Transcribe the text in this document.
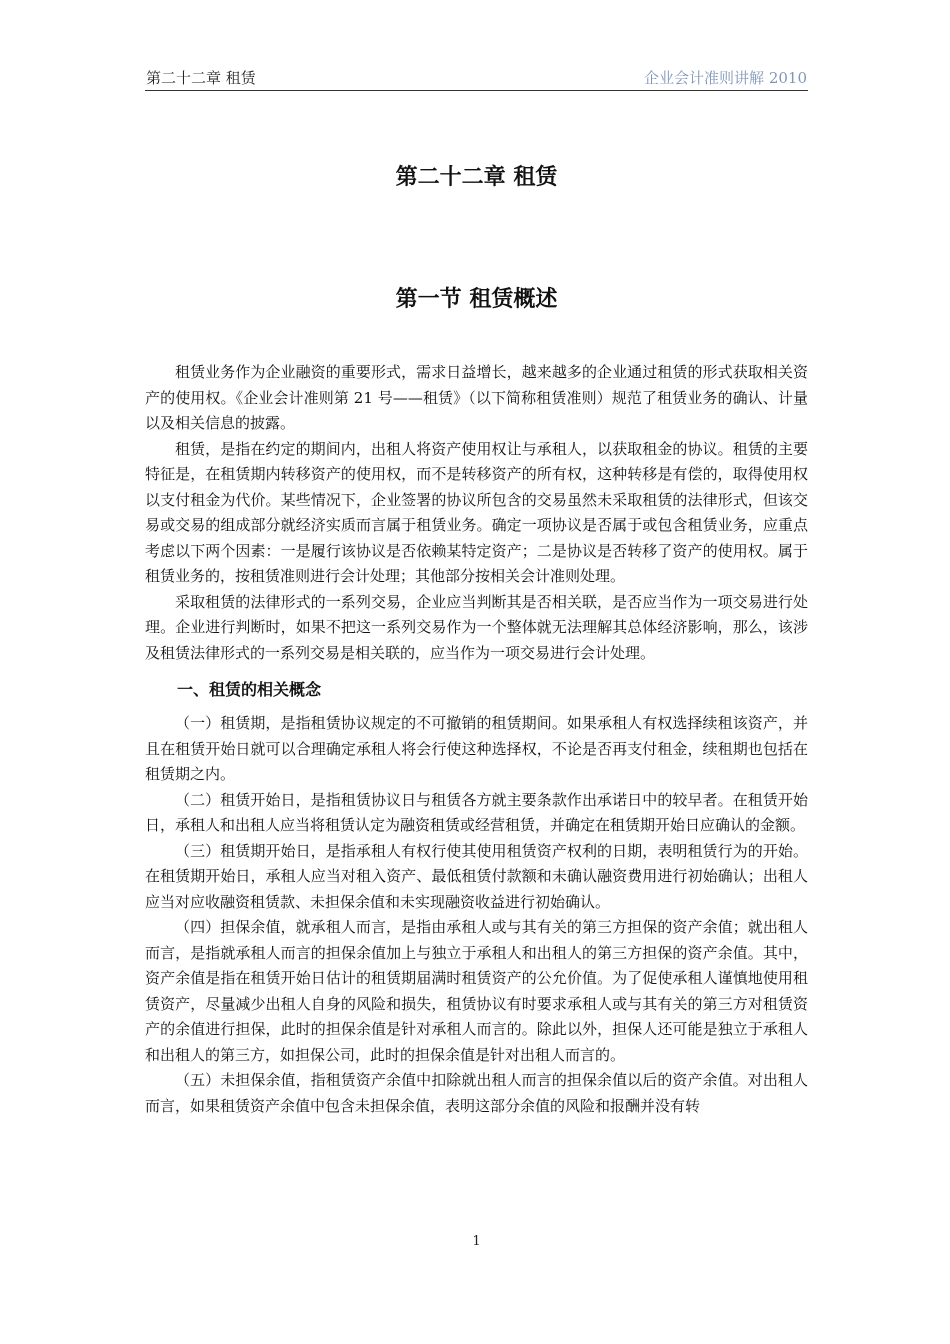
第二十二章 租赁	企业会计准则讲解 2010
第二十二章 租赁
第一节 租赁概述

租赁业务作为企业融资的重要形式，需求日益增长，越来越多的企业通过租赁的形式获取相关资产的使用权。《企业会计准则第 21 号——租赁》（以下简称租赁准则）规范了租赁业务的确认、计量以及相关信息的披露。

租赁，是指在约定的期间内，出租人将资产使用权让与承租人，以获取租金的协议。租赁的主要特征是，在租赁期内转移资产的使用权，而不是转移资产的所有权，这种转移是有偿的，取得使用权以支付租金为代价。某些情况下，企业签署的协议所包含的交易虽然未采取租赁的法律形式，但该交易或交易的组成部分就经济实质而言属于租赁业务。确定一项协议是否属于或包含租赁业务，应重点考虑以下两个因素：一是履行该协议是否依赖某特定资产；二是协议是否转移了资产的使用权。属于租赁业务的，按租赁准则进行会计处理；其他部分按相关会计准则处理。

采取租赁的法律形式的一系列交易，企业应当判断其是否相关联，是否应当作为一项交易进行处理。企业进行判断时，如果不把这一系列交易作为一个整体就无法理解其总体经济影响，那么，该涉及租赁法律形式的一系列交易是相关联的，应当作为一项交易进行会计处理。

一、租赁的相关概念

（一）租赁期，是指租赁协议规定的不可撤销的租赁期间。如果承租人有权选择续租该资产，并且在租赁开始日就可以合理确定承租人将会行使这种选择权，不论是否再支付租金，续租期也包括在租赁期之内。

（二）租赁开始日，是指租赁协议日与租赁各方就主要条款作出承诺日中的较早者。在租赁开始日，承租人和出租人应当将租赁认定为融资租赁或经营租赁，并确定在租赁期开始日应确认的金额。

（三）租赁期开始日，是指承租人有权行使其使用租赁资产权利的日期，表明租赁行为的开始。在租赁期开始日，承租人应当对租入资产、最低租赁付款额和未确认融资费用进行初始确认；出租人应当对应收融资租赁款、未担保余值和未实现融资收益进行初始确认。

（四）担保余值，就承租人而言，是指由承租人或与其有关的第三方担保的资产余值；就出租人而言，是指就承租人而言的担保余值加上与独立于承租人和出租人的第三方担保的资产余值。其中，资产余值是指在租赁开始日估计的租赁期届满时租赁资产的公允价值。为了促使承租人谨慎地使用租赁资产，尽量减少出租人自身的风险和损失，租赁协议有时要求承租人或与其有关的第三方对租赁资产的余值进行担保，此时的担保余值是针对承租人而言的。除此以外，担保人还可能是独立于承租人和出租人的第三方，如担保公司，此时的担保余值是针对出租人而言的。

（五）未担保余值，指租赁资产余值中扣除就出租人而言的担保余值以后的资产余值。对出租人而言，如果租赁资产余值中包含未担保余值，表明这部分余值的风险和报酬并没有转

1
